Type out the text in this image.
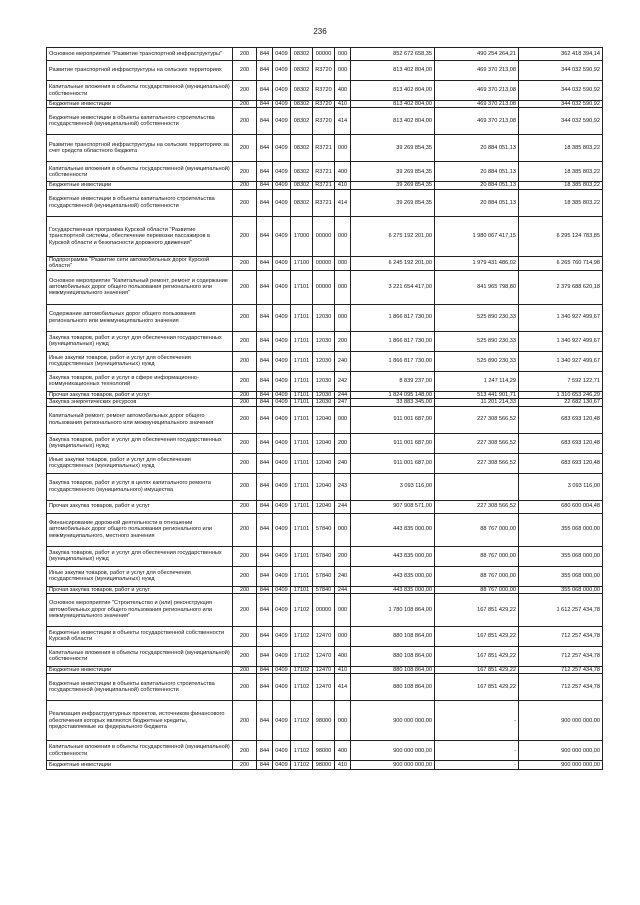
236
Основное мероприятие "Развитие транспортной инфраструктуры"	200	844	0409	08302	00000	000	852 672 658,35	490 254 264,21	362 418 394,14
Развитие транспортной инфраструктуры на сельских территориях	200	844	0409	08302	R3720	000	813 402 804,00	469 370 213,08	344 032 590,92
Капитальные вложения в объекты государственной (муниципальной) собственности	200	844	0409	08302	R3720	400	813 402 804,00	469 370 213,08	344 032 590,92
Бюджетные инвестиции	200	844	0409	08302	R3720	410	813 402 804,00	469 370 213,08	344 032 590,92
Бюджетные инвестиции в объекты капитального строительства государственной (муниципальной) собственности	200	844	0409	08302	R3720	414	813 402 804,00	469 370 213,08	344 032 590,92
Развитие транспортной инфраструктуры на сельских территориях за счет средств областного бюджета	200	844	0409	08302	R3721	000	39 269 854,35	20 884 051,13	18 385 803,22
Капитальные вложения в объекты государственной (муниципальной) собственности	200	844	0409	08302	R3721	400	39 269 854,35	20 884 051,13	18 385 803,22
Бюджетные инвестиции	200	844	0409	08302	R3721	410	39 269 854,35	20 884 051,13	18 385 803,22
Бюджетные инвестиции в объекты капитального строительства государственной (муниципальной) собственности	200	844	0409	08302	R3721	414	39 269 854,35	20 884 051,13	18 385 803,22
Государственная программа Курской области "Развитие транспортной системы, обеспечение перевозки пассажиров в Курской области и безопасности дорожного движения"	200	844	0409	17000	00000	000	6 275 192 201,00	1 980 067 417,15	6 295 124 783,85
Подпрограмма "Развитие сети автомобильных дорог Курской области"	200	844	0409	17100	00000	000	6 245 192 201,00	1 979 431 486,02	6 265 760 714,98
Основное мероприятие "Капитальный ремонт, ремонт и содержание автомобильных дорог общего пользования регионального или межмуниципального значения"	200	844	0409	17101	00000	000	3 221 654 417,00	841 965 798,80	2 379 688 620,18
Содержание автомобильных дорог общего пользования регионального или межмуниципального значения	200	844	0409	17101	12030	000	1 866 817 730,00	525 890 230,33	1 340 927 499,67
Закупка товаров, работ и услуг для обеспечения государственных (муниципальных) нужд	200	844	0409	17101	12030	200	1 866 817 730,00	525 890 230,33	1 340 927 499,67
Иные закупки товаров, работ и услуг для обеспечения государственных (муниципальных) нужд	200	844	0409	17101	12030	240	1 866 817 730,00	525 890 230,33	1 340 927 499,67
Закупка товаров, работ и услуг в сфере информационно-коммуникационных технологий	200	844	0409	17101	12030	242	8 839 237,00	1 247 114,29	7 592 122,71
Прочая закупка товаров, работ и услуг	200	844	0409	17101	12030	244	1 824 095 148,00	513 441 901,71	1 310 653 246,29
Закупка энергетических ресурсов	200	844	0409	17101	12030	247	33 883 345,00	11 201 214,33	22 682 130,67
Капитальный ремонт, ремонт автомобильных дорог общего пользования регионального или межмуниципального значения	200	844	0409	17101	12040	000	911 001 687,00	227 308 566,52	683 693 120,48
Закупка товаров, работ и услуг для обеспечения государственных (муниципальных) нужд	200	844	0409	17101	12040	200	911 001 687,00	227 308 566,52	683 693 120,48
Иные закупки товаров, работ и услуг для обеспечения государственных (муниципальных) нужд	200	844	0409	17101	12040	240	911 001 687,00	227 308 566,52	683 693 120,48
Закупка товаров, работ и услуг в целях капитального ремонта государственного (муниципального) имущества	200	844	0409	17101	12040	243	3 093 116,00		3 093 116,00
Прочая закупка товаров, работ и услуг	200	844	0409	17101	12040	244	907 908 571,00	227 308 566,52	680 600 004,48
Финансирование дорожной деятельности в отношении автомобильных дорог общего пользования регионального или межмуниципального, местного значения	200	844	0409	17101	57840	000	443 835 000,00	88 767 000,00	355 068 000,00
Закупка товаров, работ и услуг для обеспечения государственных (муниципальных) нужд	200	844	0409	17101	57840	200	443 835 000,00	88 767 000,00	355 068 000,00
Иные закупки товаров, работ и услуг для обеспечения государственных (муниципальных) нужд	200	844	0409	17101	57840	240	443 835 000,00	88 767 000,00	355 068 000,00
Прочая закупка товаров, работ и услуг	200	844	0409	17101	57840	244	443 835 000,00	88 767 000,00	355 068 000,00
Основное мероприятие "Строительство и (или) реконструкция автомобильных дорог общего пользования регионального или межмуниципального значения"	200	844	0409	17102	00000	000	1 780 108 864,00	167 851 429,22	1 612 257 434,78
Бюджетные инвестиции в объекты государственной собственности Курской области	200	844	0409	17102	12470	000	880 108 864,00	167 851 429,22	712 257 434,78
Капитальные вложения в объекты государственной (муниципальной) собственности	200	844	0409	17102	12470	400	880 108 864,00	167 851 429,22	712 257 434,78
Бюджетные инвестиции	200	844	0409	17102	12470	410	880 108 864,00	167 851 429,22	712 257 434,78
Бюджетные инвестиции в объекты капитального строительства государственной (муниципальной) собственности	200	844	0409	17102	12470	414	880 108 864,00	167 851 429,22	712 257 434,78
Реализация инфраструктурных проектов, источником финансового обеспечения которых являются бюджетные кредиты, предоставляемые из федерального бюджета	200	844	0409	17102	98000	000	900 000 000,00	-	900 000 000,00
Капитальные вложения в объекты государственной (муниципальной) собственности	200	844	0409	17102	98000	400	900 000 000,00	-	900 000 000,00
Бюджетные инвестиции	200	844	0409	17102	98000	410	900 000 000,00	-	900 000 000,00
